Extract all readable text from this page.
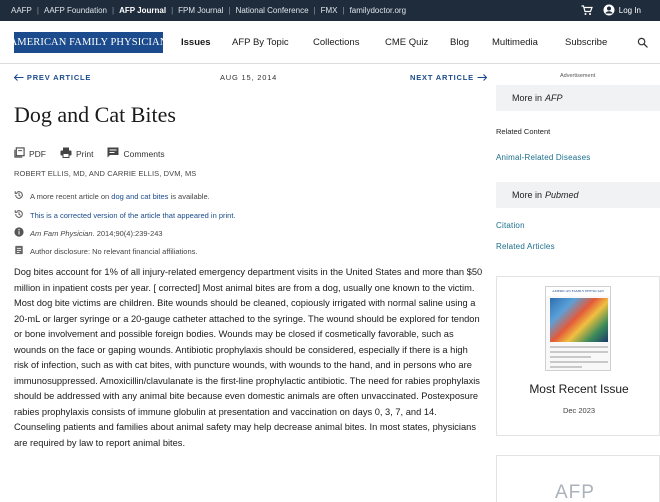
AAFP | AAFP Foundation | AFP Journal | FPM Journal | National Conference | FMX | familydoctor.org	Log In
AMERICAN FAMILY PHYSICIAN Issues AFP By Topic	Collections	CME Quiz Blog Multimedia	Subscribe
PREV ARTICLE	AUG 15, 2014	NEXT ARTICLE
Dog and Cat Bites
PDF	Print	Comments
ROBERT ELLIS, MD, AND CARRIE ELLIS, DVM, MS
A more recent article on dog and cat bites is available.
This is a corrected version of the article that appeared in print.
Am Fam Physician . 2014;90(4):239-243
Author disclosure: No relevant financial affiliations.

Dog bites account for 1% of all injury-related emergency department visits in the United States and more than $50 million in inpatient costs per year. [ corrected] Most animal bites are from a dog, usually one known to the victim. Most dog bite victims are children. Bite wounds should be cleaned, copiously irrigated with normal saline using a 20-mL or larger syringe or a 20-gauge catheter attached to the syringe. The wound should be explored for tendon or bone involvement and possible foreign bodies. Wounds may be closed if cosmetically favorable, such as wounds on the face or gaping wounds. Antibiotic prophylaxis should be considered, especially if there is a high risk of infection, such as with cat bites, with puncture wounds, with wounds to the hand, and in persons who are immunosuppressed. Amoxicillin/clavulanate is the first-line prophylactic antibiotic. The need for rabies prophylaxis should be addressed with any animal bite because even domestic animals are often unvaccinated. Postexposure rabies prophylaxis consists of immune globulin at presentation and vaccination on days 0, 3, 7, and 14. Counseling patients and families about animal safety may help decrease animal bites. In most states, physicians are required by law to report animal bites.

Advertisement
More in AFP
Related Content
Animal-Related Diseases
More in Pubmed
Citation
Related Articles
AMERICAN FAMILY PHYSICIAN
Most Recent Issue
Dec 2023
AFP
